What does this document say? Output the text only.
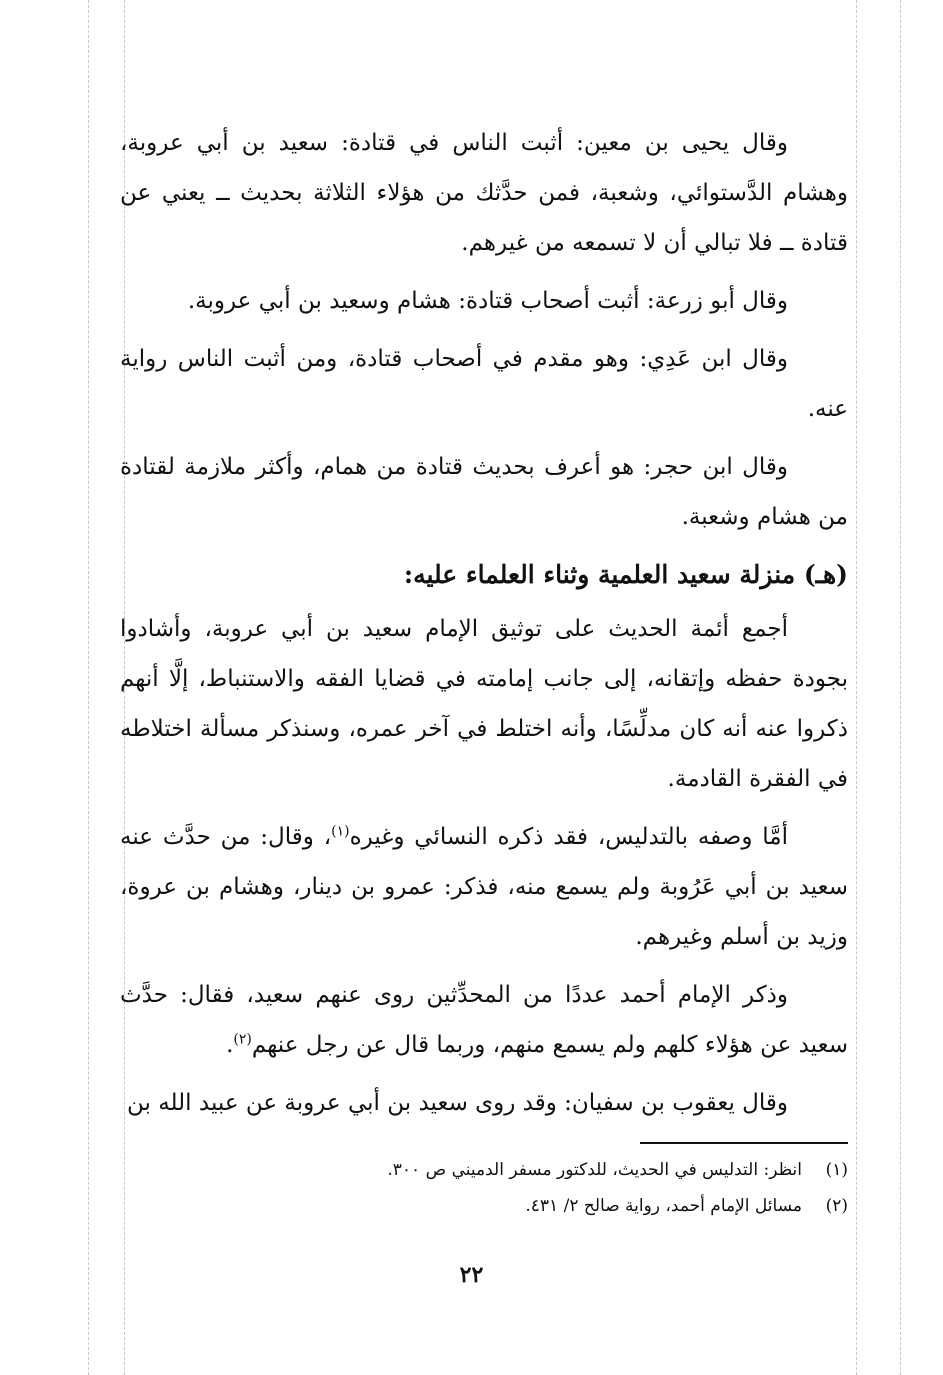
وقال يحيى بن معين: أثبت الناس في قتادة: سعيد بن أبي عروبة، وهشام الدَّستوائي، وشعبة، فمن حدَّثك من هؤلاء الثلاثة بحديث ــ يعني عن قتادة ــ فلا تبالي أن لا تسمعه من غيرهم.

وقال أبو زرعة: أثبت أصحاب قتادة: هشام وسعيد بن أبي عروبة.

وقال ابن عَدِي: وهو مقدم في أصحاب قتادة، ومن أثبت الناس رواية عنه.

وقال ابن حجر: هو أعرف بحديث قتادة من همام، وأكثر ملازمة لقتادة من هشام وشعبة.

(هـ) منزلة سعيد العلمية وثناء العلماء عليه:

أجمع أئمة الحديث على توثيق الإمام سعيد بن أبي عروبة، وأشادوا بجودة حفظه وإتقانه، إلى جانب إمامته في قضايا الفقه والاستنباط، إلَّا أنهم ذكروا عنه أنه كان مدلِّسًا، وأنه اختلط في آخر عمره، وسنذكر مسألة اختلاطه في الفقرة القادمة.

أمَّا وصفه بالتدليس، فقد ذكره النسائي وغيره$^{(١)}$، وقال: من حدَّث عنه سعيد بن أبي عَرُوبة ولم يسمع منه، فذكر: عمرو بن دينار، وهشام بن عروة، وزيد بن أسلم وغيرهم.

وذكر الإمام أحمد عددًا من المحدِّثين روى عنهم سعيد، فقال: حدَّث سعيد عن هؤلاء كلهم ولم يسمع منهم، وربما قال عن رجل عنهم$^{(٢)}$.

وقال يعقوب بن سفيان: وقد روى سعيد بن أبي عروبة عن عبيد الله بن

(١)
انظر: التدليس في الحديث، للدكتور مسفر الدميني ص ٣٠٠.
(٢)
مسائل الإمام أحمد، رواية صالح ٢/ ٤٣١.
٢٢
